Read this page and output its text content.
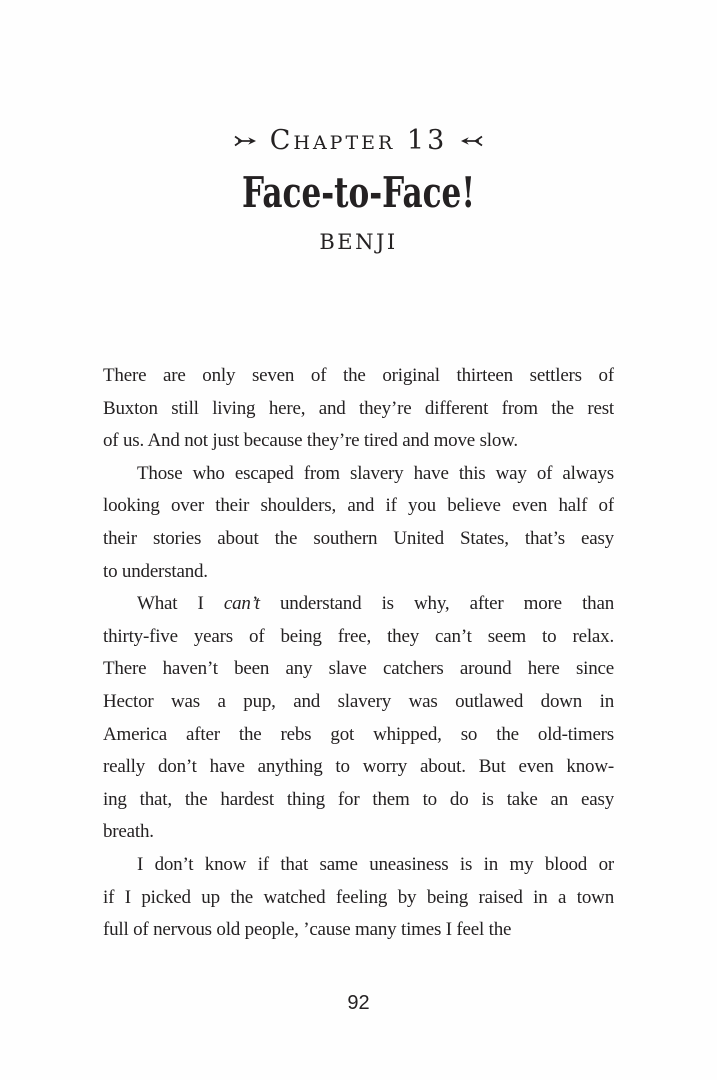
Chapter 13
Face-to-Face!
BENJI
There are only seven of the original thirteen settlers of
Buxton still living here, and they’re different from the rest
of us. And not just because they’re tired and move slow.
Those who escaped from slavery have this way of always
looking over their shoulders, and if you believe even half of
their stories about the southern United States, that’s easy
to understand.
What I can’t understand is why, after more than
thirty-five years of being free, they can’t seem to relax.
There haven’t been any slave catchers around here since
Hector was a pup, and slavery was outlawed down in
America after the rebs got whipped, so the old-timers
really don’t have anything to worry about. But even know-
ing that, the hardest thing for them to do is take an easy
breath.
I don’t know if that same uneasiness is in my blood or
if I picked up the watched feeling by being raised in a town
full of nervous old people, ’cause many times I feel the
92
